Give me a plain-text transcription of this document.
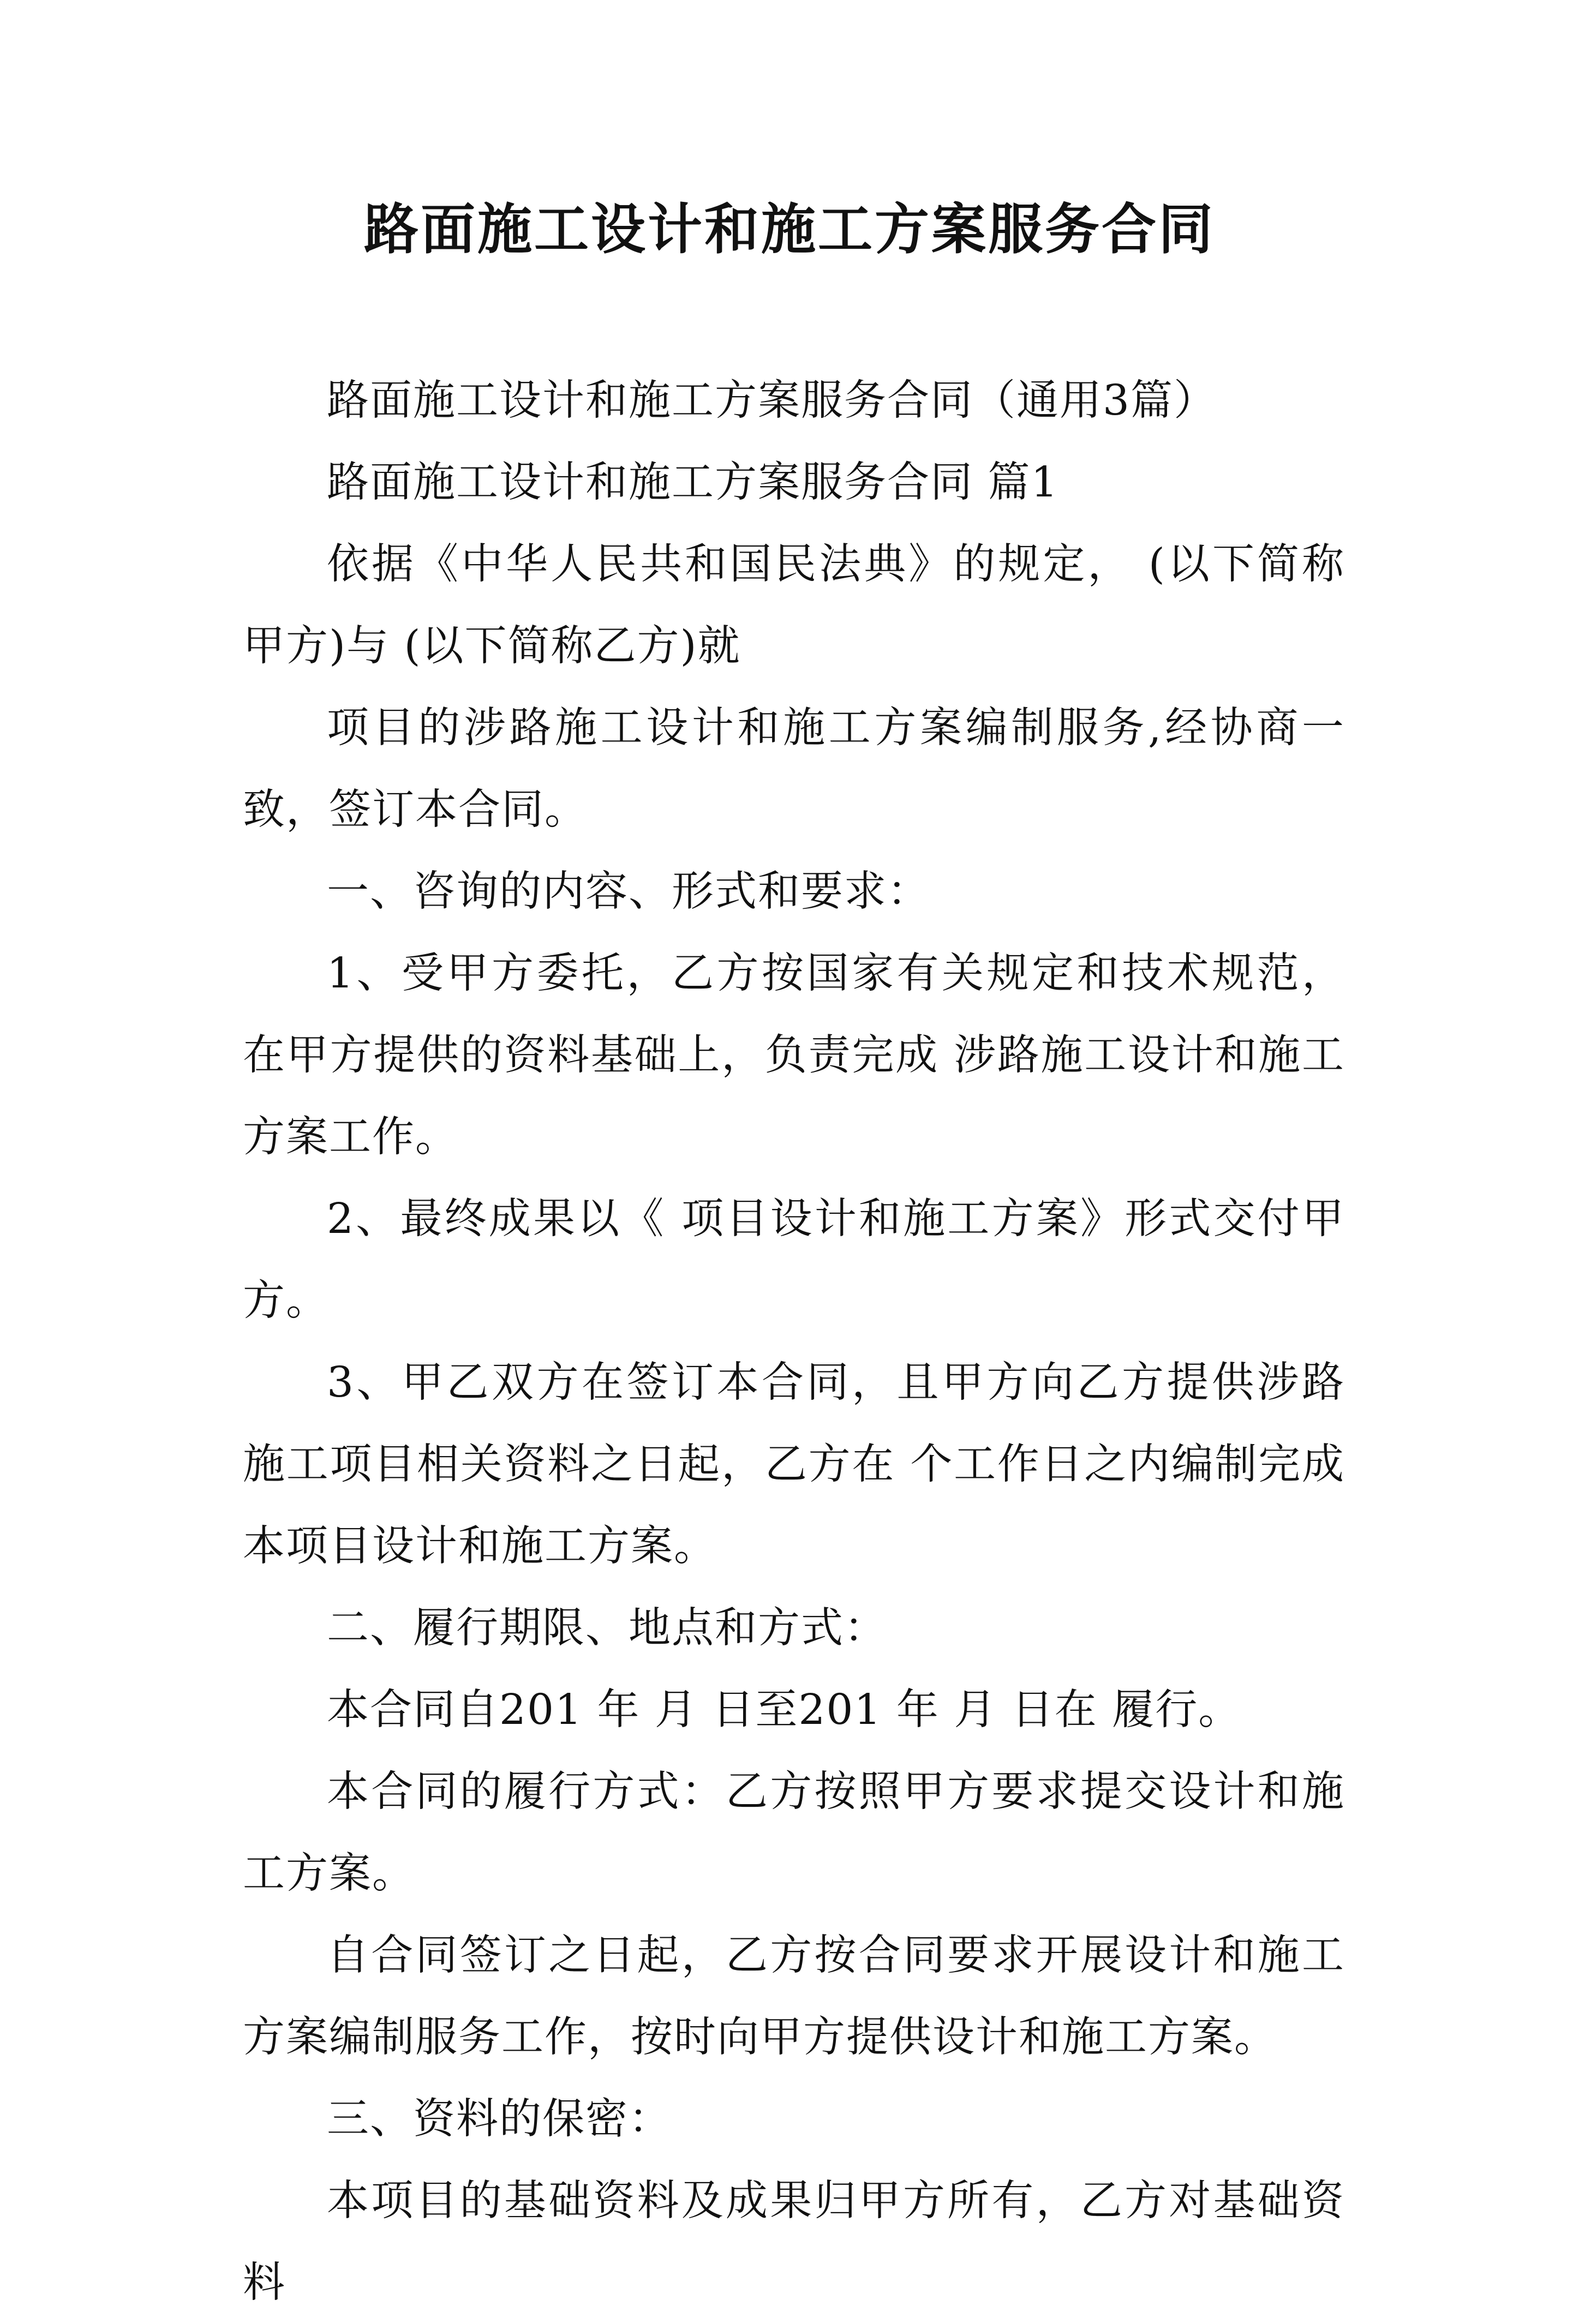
路面施工设计和施工方案服务合同

路面施工设计和施工方案服务合同（通用3篇）

路面施工设计和施工方案服务合同 篇1

依据《中华人民共和国民法典》的规定， (以下简称甲方)与 (以下简称乙方)就

项目的涉路施工设计和施工方案编制服务,经协商一致，签订本合同。

一、咨询的内容、形式和要求：

1、受甲方委托，乙方按国家有关规定和技术规范，在甲方提供的资料基础上，负责完成 涉路施工设计和施工方案工作。

2、最终成果以《 项目设计和施工方案》形式交付甲方。

3、甲乙双方在签订本合同，且甲方向乙方提供涉路施工项目相关资料之日起，乙方在 个工作日之内编制完成本项目设计和施工方案。

二、履行期限、地点和方式：

本合同自201 年 月 日至201 年 月 日在 履行。

本合同的履行方式：乙方按照甲方要求提交设计和施工方案。

自合同签订之日起，乙方按合同要求开展设计和施工方案编制服务工作，按时向甲方提供设计和施工方案。

三、资料的保密：

本项目的基础资料及成果归甲方所有，乙方对基础资料
